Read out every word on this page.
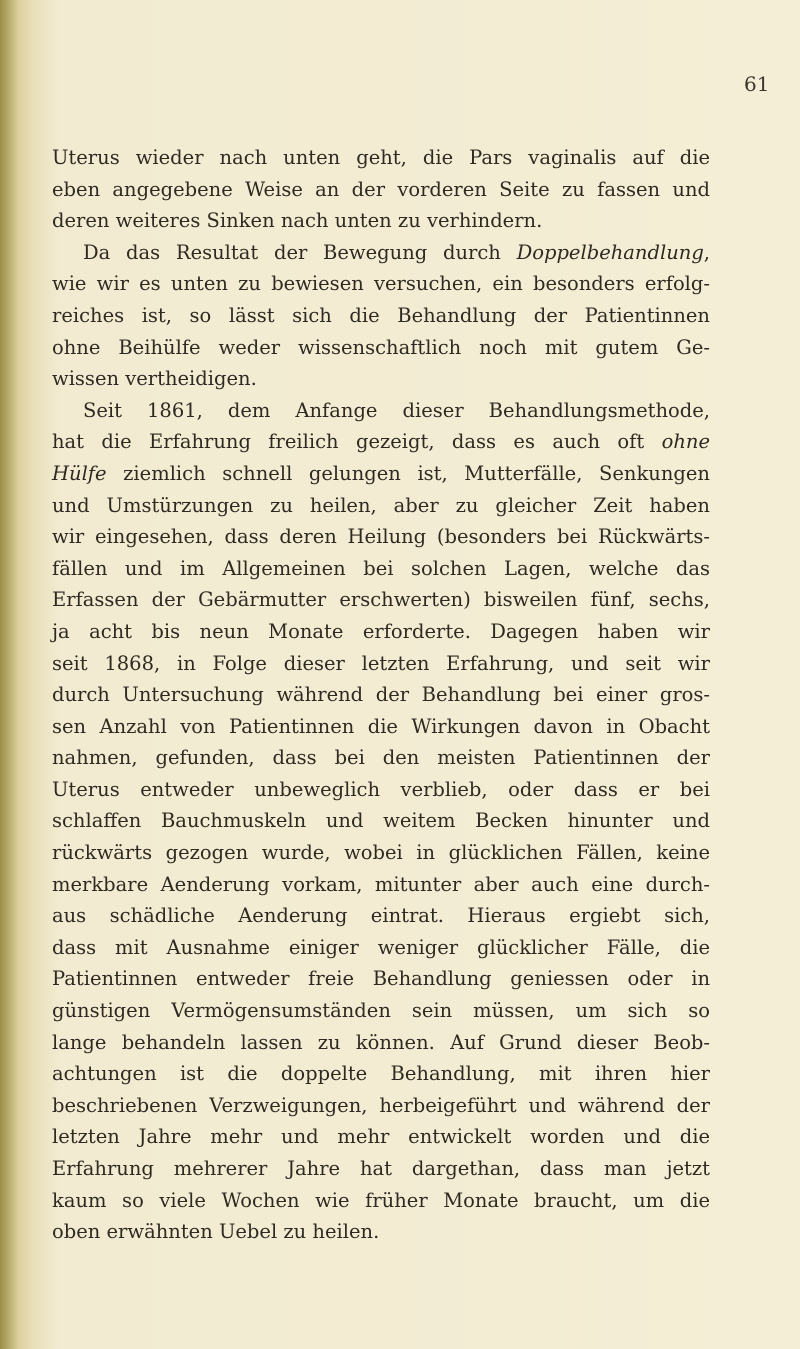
61
Uterus wieder nach unten geht, die Pars vaginalis auf die
eben angegebene Weise an der vorderen Seite zu fassen und
deren weiteres Sinken nach unten zu verhindern.
Da das Resultat der Bewegung durch Doppelbehandlung,
wie wir es unten zu bewiesen versuchen, ein besonders erfolg-
reiches ist, so lässt sich die Behandlung der Patientinnen
ohne Beihülfe weder wissenschaftlich noch mit gutem Ge-
wissen vertheidigen.
Seit 1861, dem Anfange dieser Behandlungsmethode,
hat die Erfahrung freilich gezeigt, dass es auch oft ohne
Hülfe ziemlich schnell gelungen ist, Mutterfälle, Senkungen
und Umstürzungen zu heilen, aber zu gleicher Zeit haben
wir eingesehen, dass deren Heilung (besonders bei Rückwärts-
fällen und im Allgemeinen bei solchen Lagen, welche das
Erfassen der Gebärmutter erschwerten) bisweilen fünf, sechs,
ja acht bis neun Monate erforderte. Dagegen haben wir
seit 1868, in Folge dieser letzten Erfahrung, und seit wir
durch Untersuchung während der Behandlung bei einer gros-
sen Anzahl von Patientinnen die Wirkungen davon in Obacht
nahmen, gefunden, dass bei den meisten Patientinnen der
Uterus entweder unbeweglich verblieb, oder dass er bei
schlaffen Bauchmuskeln und weitem Becken hinunter und
rückwärts gezogen wurde, wobei in glücklichen Fällen, keine
merkbare Aenderung vorkam, mitunter aber auch eine durch-
aus schädliche Aenderung eintrat. Hieraus ergiebt sich,
dass mit Ausnahme einiger weniger glücklicher Fälle, die
Patientinnen entweder freie Behandlung geniessen oder in
günstigen Vermögensumständen sein müssen, um sich so
lange behandeln lassen zu können. Auf Grund dieser Beob-
achtungen ist die doppelte Behandlung, mit ihren hier
beschriebenen Verzweigungen, herbeigeführt und während der
letzten Jahre mehr und mehr entwickelt worden und die
Erfahrung mehrerer Jahre hat dargethan, dass man jetzt
kaum so viele Wochen wie früher Monate braucht, um die
oben erwähnten Uebel zu heilen.
